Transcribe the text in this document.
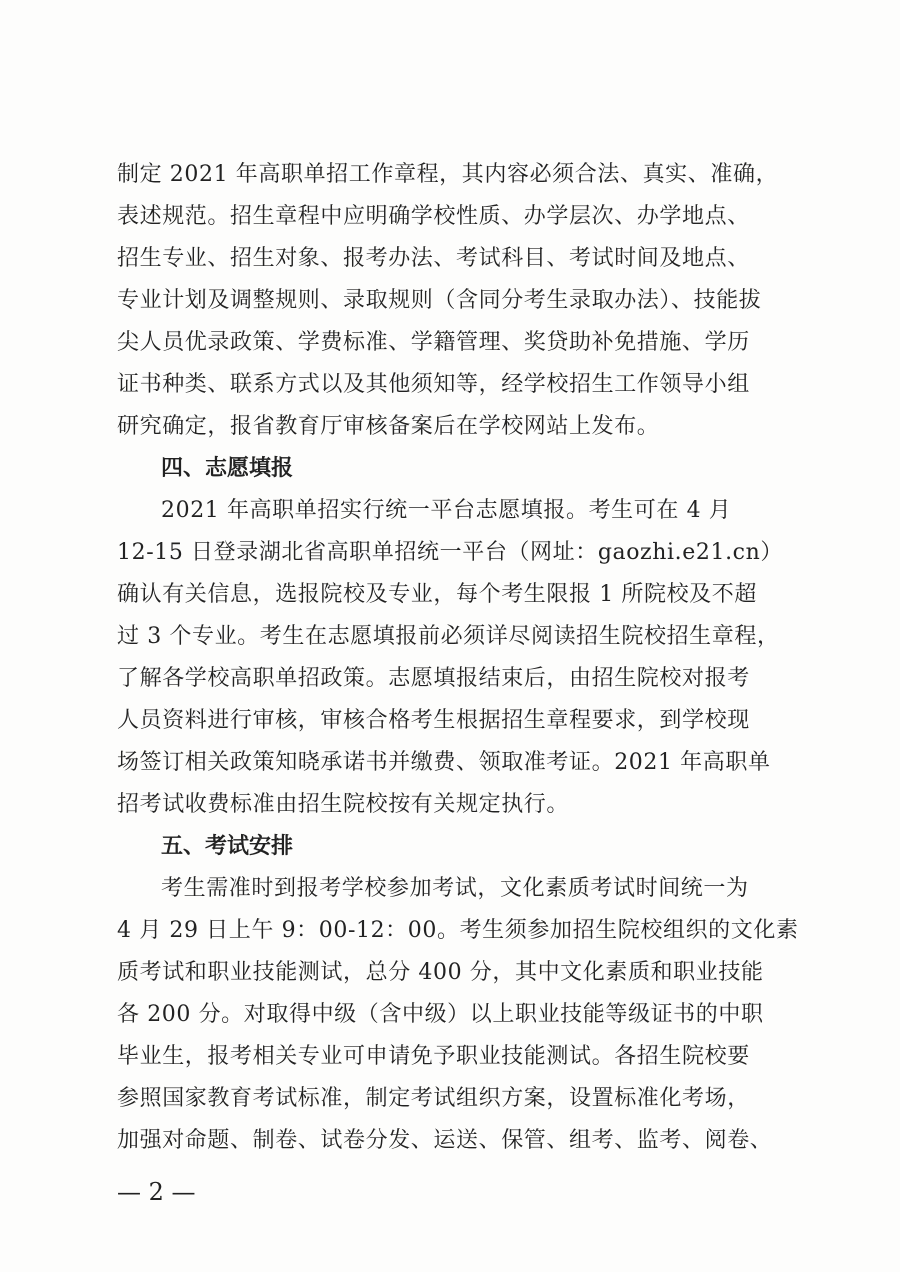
制定 2021 年高职单招工作章程，其内容必须合法、真实、准确，
表述规范。招生章程中应明确学校性质、办学层次、办学地点、
招生专业、招生对象、报考办法、考试科目、考试时间及地点、
专业计划及调整规则、录取规则（含同分考生录取办法）、技能拔
尖人员优录政策、学费标准、学籍管理、奖贷助补免措施、学历
证书种类、联系方式以及其他须知等，经学校招生工作领导小组
研究确定，报省教育厅审核备案后在学校网站上发布。
四、志愿填报
2021 年高职单招实行统一平台志愿填报。考生可在 4 月
12-15 日登录湖北省高职单招统一平台（网址：gaozhi.e21.cn）
确认有关信息，选报院校及专业，每个考生限报 1 所院校及不超
过 3 个专业。考生在志愿填报前必须详尽阅读招生院校招生章程，
了解各学校高职单招政策。志愿填报结束后，由招生院校对报考
人员资料进行审核，审核合格考生根据招生章程要求，到学校现
场签订相关政策知晓承诺书并缴费、领取准考证。2021 年高职单
招考试收费标准由招生院校按有关规定执行。
五、考试安排
考生需准时到报考学校参加考试，文化素质考试时间统一为
4 月 29 日上午 9：00-12：00。考生须参加招生院校组织的文化素
质考试和职业技能测试，总分 400 分，其中文化素质和职业技能
各 200 分。对取得中级（含中级）以上职业技能等级证书的中职
毕业生，报考相关专业可申请免予职业技能测试。各招生院校要
参照国家教育考试标准，制定考试组织方案，设置标准化考场，
加强对命题、制卷、试卷分发、运送、保管、组考、监考、阅卷、
— 2 —
